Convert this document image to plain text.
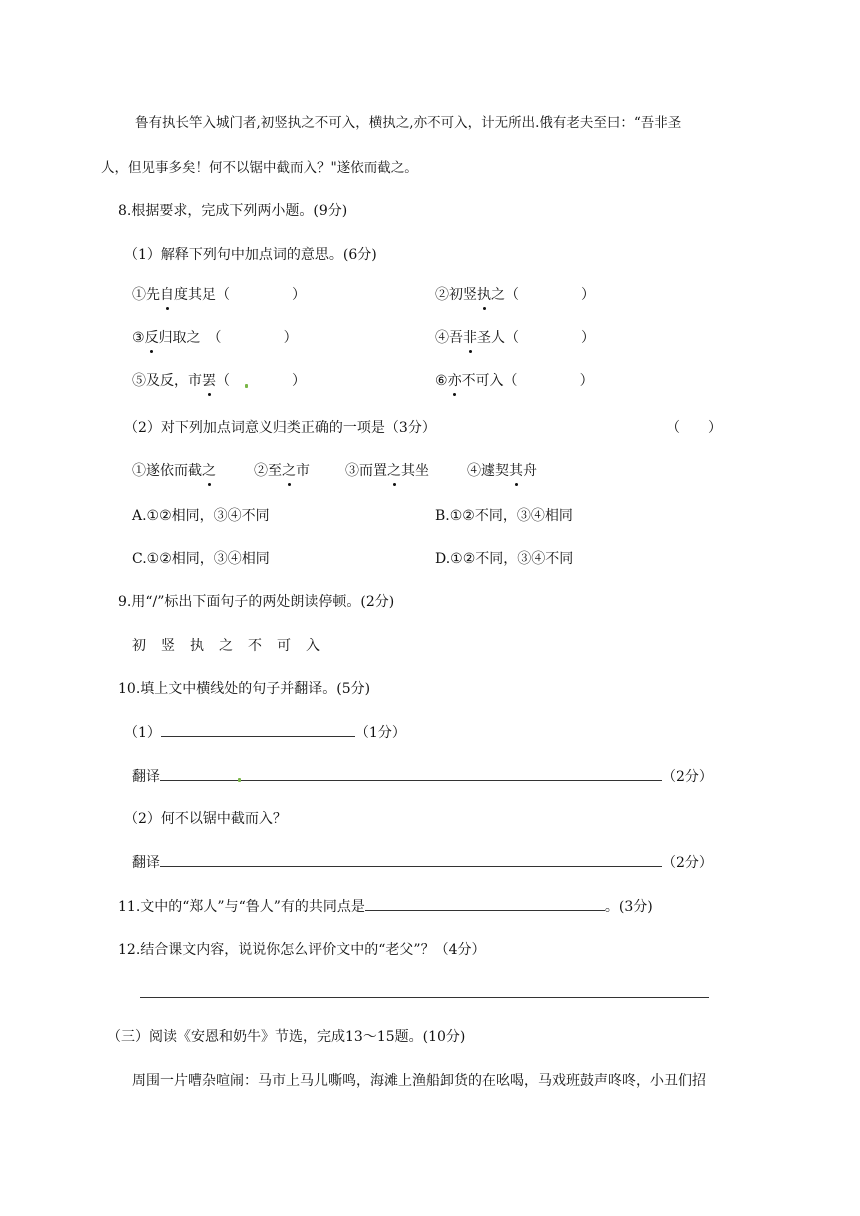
鲁有执长竿入城门者,初竖执之不可入，横执之,亦不可入，计无所出.俄有老夫至曰：“吾非圣
人，但见事多矣！何不以锯中截而入？"遂依而截之。
8.根据要求，完成下列两小题。(9分)
（1）解释下列句中加点词的意思。(6分)
①先自度其足（	）	②初竖执之（	）
③反归取之　（	）	④吾非圣人（	）
⑤及反，市罢（	）	⑥亦不可入（	）
（2）对下列加点词意义归类正确的一项是（3分）	（　　）
①遂依而截之	②至之市	③而置之其坐	④遽契其舟
A.①②相同，③④不同	B.①②不同，③④相同
C.①②相同，③④相同	D.①②不同，③④不同
9.用“/”标出下面句子的两处朗读停顿。(2分)
初竖执之不可入
10.填上文中横线处的句子并翻译。(5分)
（1）	（1分）
翻译	（2分）
（2）何不以锯中截而入？
翻译	（2分）
11.文中的“郑人”与“鲁人”有的共同点是	。(3分)
12.结合课文内容，说说你怎么评价文中的“老父”？（4分）
（三）阅读《安恩和奶牛》节选，完成13～15题。(10分)
周围一片嘈杂喧闹：马市上马儿嘶鸣，海滩上渔船卸货的在吆喝，马戏班鼓声咚咚，小丑们招
